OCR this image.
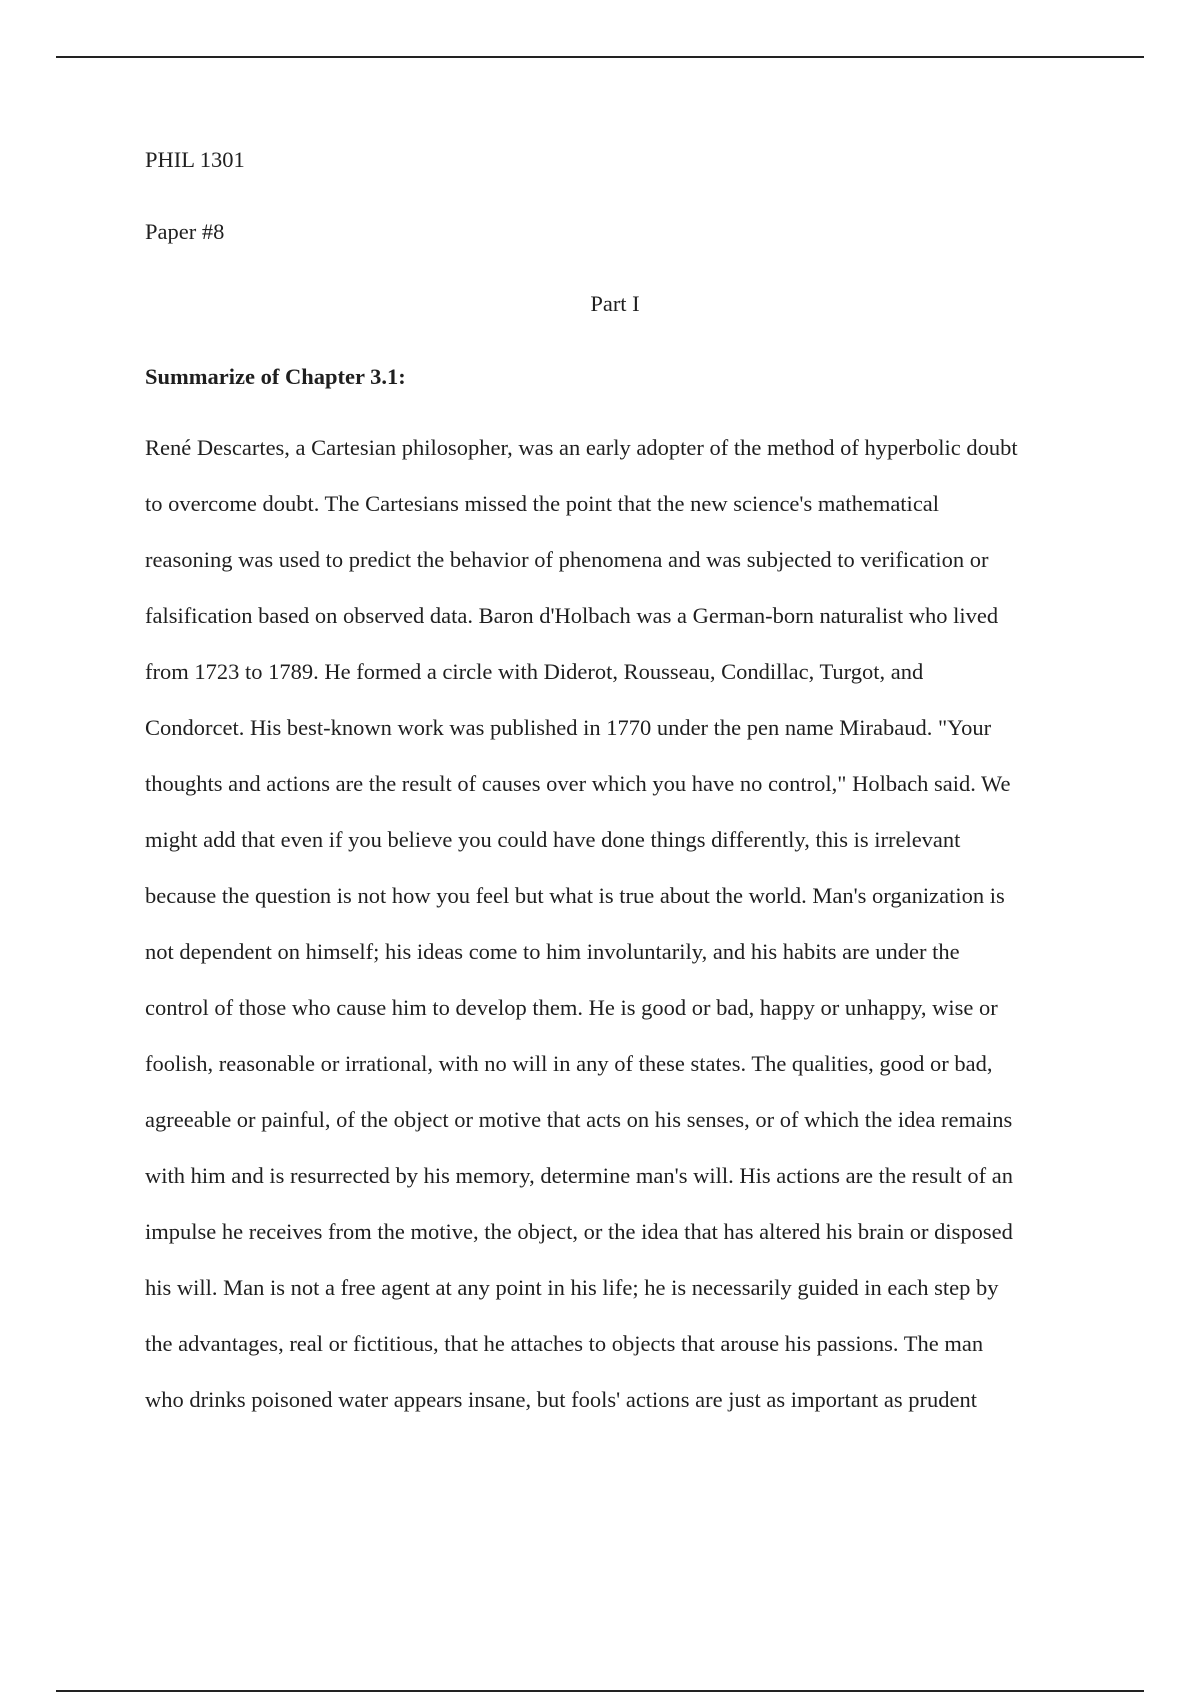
PHIL 1301
Paper #8
Part I
Summarize of Chapter 3.1:
René Descartes, a Cartesian philosopher, was an early adopter of the method of hyperbolic doubt
to overcome doubt. The Cartesians missed the point that the new science's mathematical
reasoning was used to predict the behavior of phenomena and was subjected to verification or
falsification based on observed data. Baron d'Holbach was a German-born naturalist who lived
from 1723 to 1789. He formed a circle with Diderot, Rousseau, Condillac, Turgot, and
Condorcet. His best-known work was published in 1770 under the pen name Mirabaud. "Your
thoughts and actions are the result of causes over which you have no control," Holbach said. We
might add that even if you believe you could have done things differently, this is irrelevant
because the question is not how you feel but what is true about the world. Man's organization is
not dependent on himself; his ideas come to him involuntarily, and his habits are under the
control of those who cause him to develop them. He is good or bad, happy or unhappy, wise or
foolish, reasonable or irrational, with no will in any of these states. The qualities, good or bad,
agreeable or painful, of the object or motive that acts on his senses, or of which the idea remains
with him and is resurrected by his memory, determine man's will. His actions are the result of an
impulse he receives from the motive, the object, or the idea that has altered his brain or disposed
his will. Man is not a free agent at any point in his life; he is necessarily guided in each step by
the advantages, real or fictitious, that he attaches to objects that arouse his passions. The man
who drinks poisoned water appears insane, but fools' actions are just as important as prudent
